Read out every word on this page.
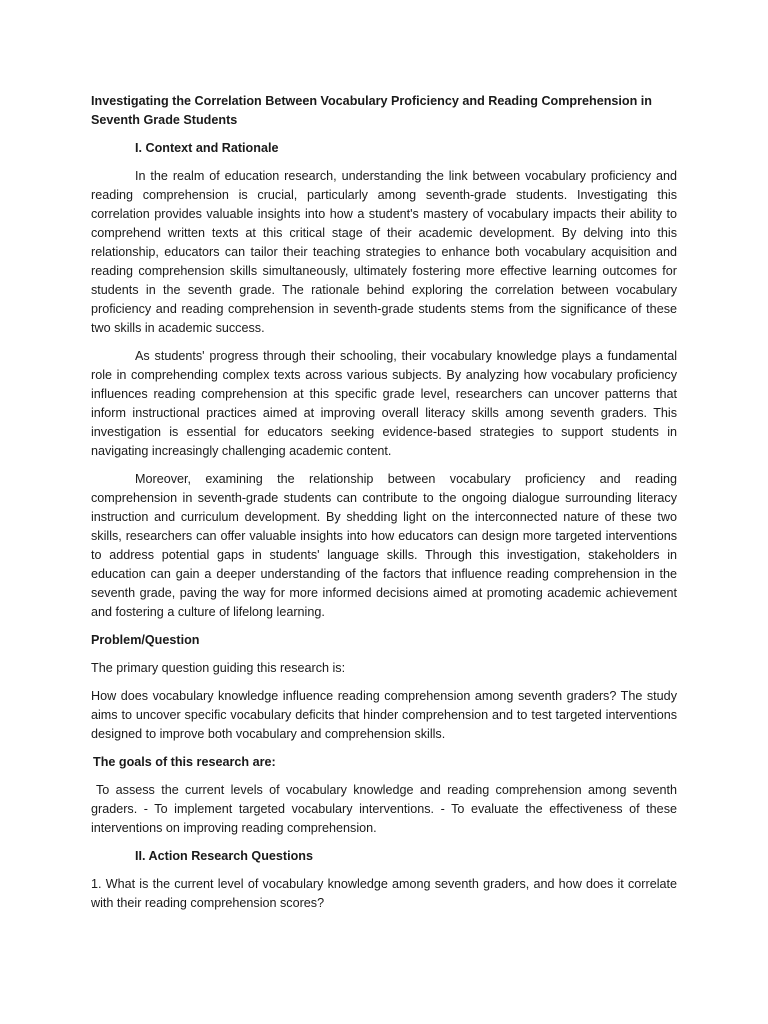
Investigating the Correlation Between Vocabulary Proficiency and Reading Comprehension in Seventh Grade Students
I. Context and Rationale

In the realm of education research, understanding the link between vocabulary proficiency and reading comprehension is crucial, particularly among seventh-grade students. Investigating this correlation provides valuable insights into how a student's mastery of vocabulary impacts their ability to comprehend written texts at this critical stage of their academic development. By delving into this relationship, educators can tailor their teaching strategies to enhance both vocabulary acquisition and reading comprehension skills simultaneously, ultimately fostering more effective learning outcomes for students in the seventh grade. The rationale behind exploring the correlation between vocabulary proficiency and reading comprehension in seventh-grade students stems from the significance of these two skills in academic success.

As students' progress through their schooling, their vocabulary knowledge plays a fundamental role in comprehending complex texts across various subjects. By analyzing how vocabulary proficiency influences reading comprehension at this specific grade level, researchers can uncover patterns that inform instructional practices aimed at improving overall literacy skills among seventh graders. This investigation is essential for educators seeking evidence-based strategies to support students in navigating increasingly challenging academic content.

Moreover, examining the relationship between vocabulary proficiency and reading comprehension in seventh-grade students can contribute to the ongoing dialogue surrounding literacy instruction and curriculum development. By shedding light on the interconnected nature of these two skills, researchers can offer valuable insights into how educators can design more targeted interventions to address potential gaps in students' language skills. Through this investigation, stakeholders in education can gain a deeper understanding of the factors that influence reading comprehension in the seventh grade, paving the way for more informed decisions aimed at promoting academic achievement and fostering a culture of lifelong learning.

Problem/Question

The primary question guiding this research is:

How does vocabulary knowledge influence reading comprehension among seventh graders? The study aims to uncover specific vocabulary deficits that hinder comprehension and to test targeted interventions designed to improve both vocabulary and comprehension skills.

The goals of this research are:

To assess the current levels of vocabulary knowledge and reading comprehension among seventh graders. - To implement targeted vocabulary interventions. - To evaluate the effectiveness of these interventions on improving reading comprehension.

II. Action Research Questions

1. What is the current level of vocabulary knowledge among seventh graders, and how does it correlate with their reading comprehension scores?
